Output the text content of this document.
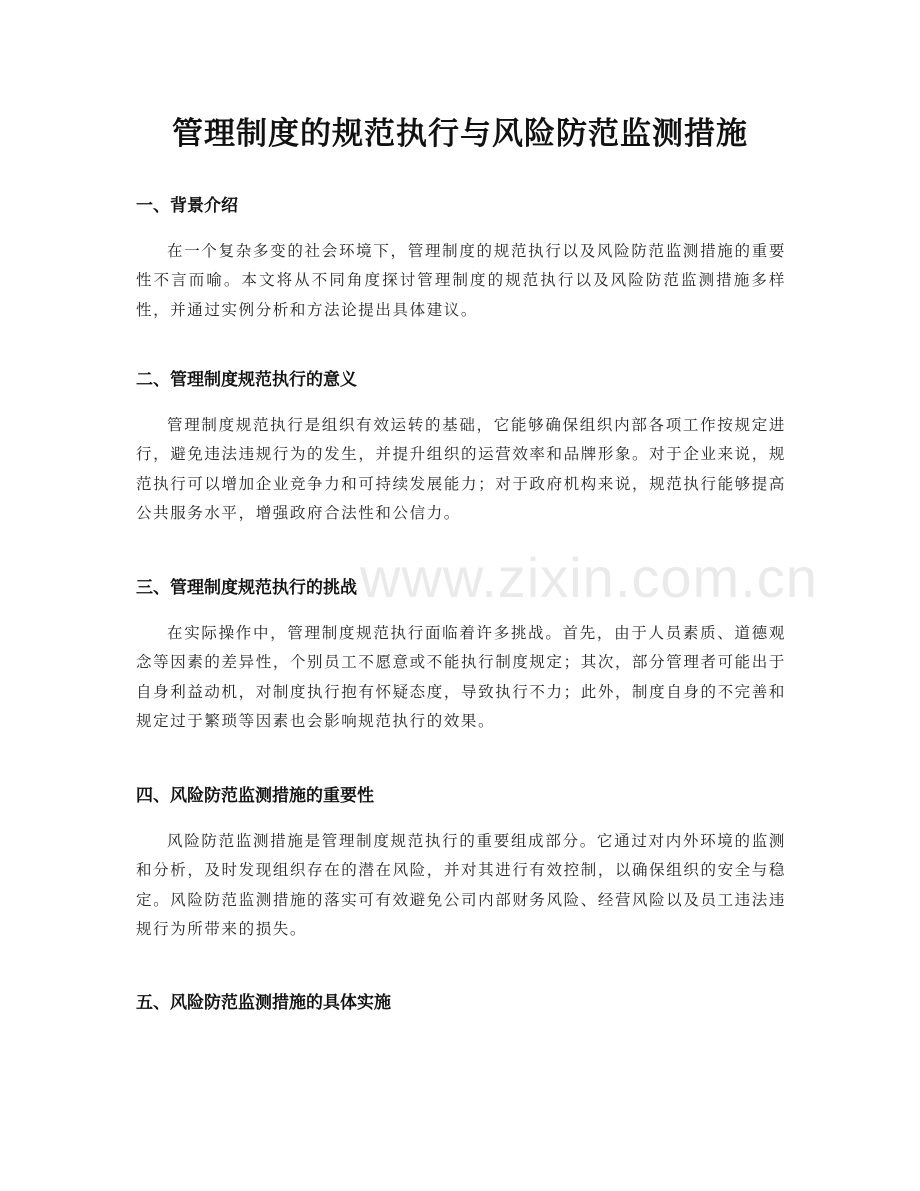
管理制度的规范执行与风险防范监测措施
www.zixin.com.cn
一、背景介绍

在一个复杂多变的社会环境下，管理制度的规范执行以及风险防范监测措施的重要性不言而喻。本文将从不同角度探讨管理制度的规范执行以及风险防范监测措施多样性，并通过实例分析和方法论提出具体建议。

二、管理制度规范执行的意义

管理制度规范执行是组织有效运转的基础，它能够确保组织内部各项工作按规定进行，避免违法违规行为的发生，并提升组织的运营效率和品牌形象。对于企业来说，规范执行可以增加企业竞争力和可持续发展能力；对于政府机构来说，规范执行能够提高公共服务水平，增强政府合法性和公信力。

三、管理制度规范执行的挑战

在实际操作中，管理制度规范执行面临着许多挑战。首先，由于人员素质、道德观念等因素的差异性，个别员工不愿意或不能执行制度规定；其次，部分管理者可能出于自身利益动机，对制度执行抱有怀疑态度，导致执行不力；此外，制度自身的不完善和规定过于繁琐等因素也会影响规范执行的效果。

四、风险防范监测措施的重要性

风险防范监测措施是管理制度规范执行的重要组成部分。它通过对内外环境的监测和分析，及时发现组织存在的潜在风险，并对其进行有效控制，以确保组织的安全与稳定。风险防范监测措施的落实可有效避免公司内部财务风险、经营风险以及员工违法违规行为所带来的损失。

五、风险防范监测措施的具体实施
